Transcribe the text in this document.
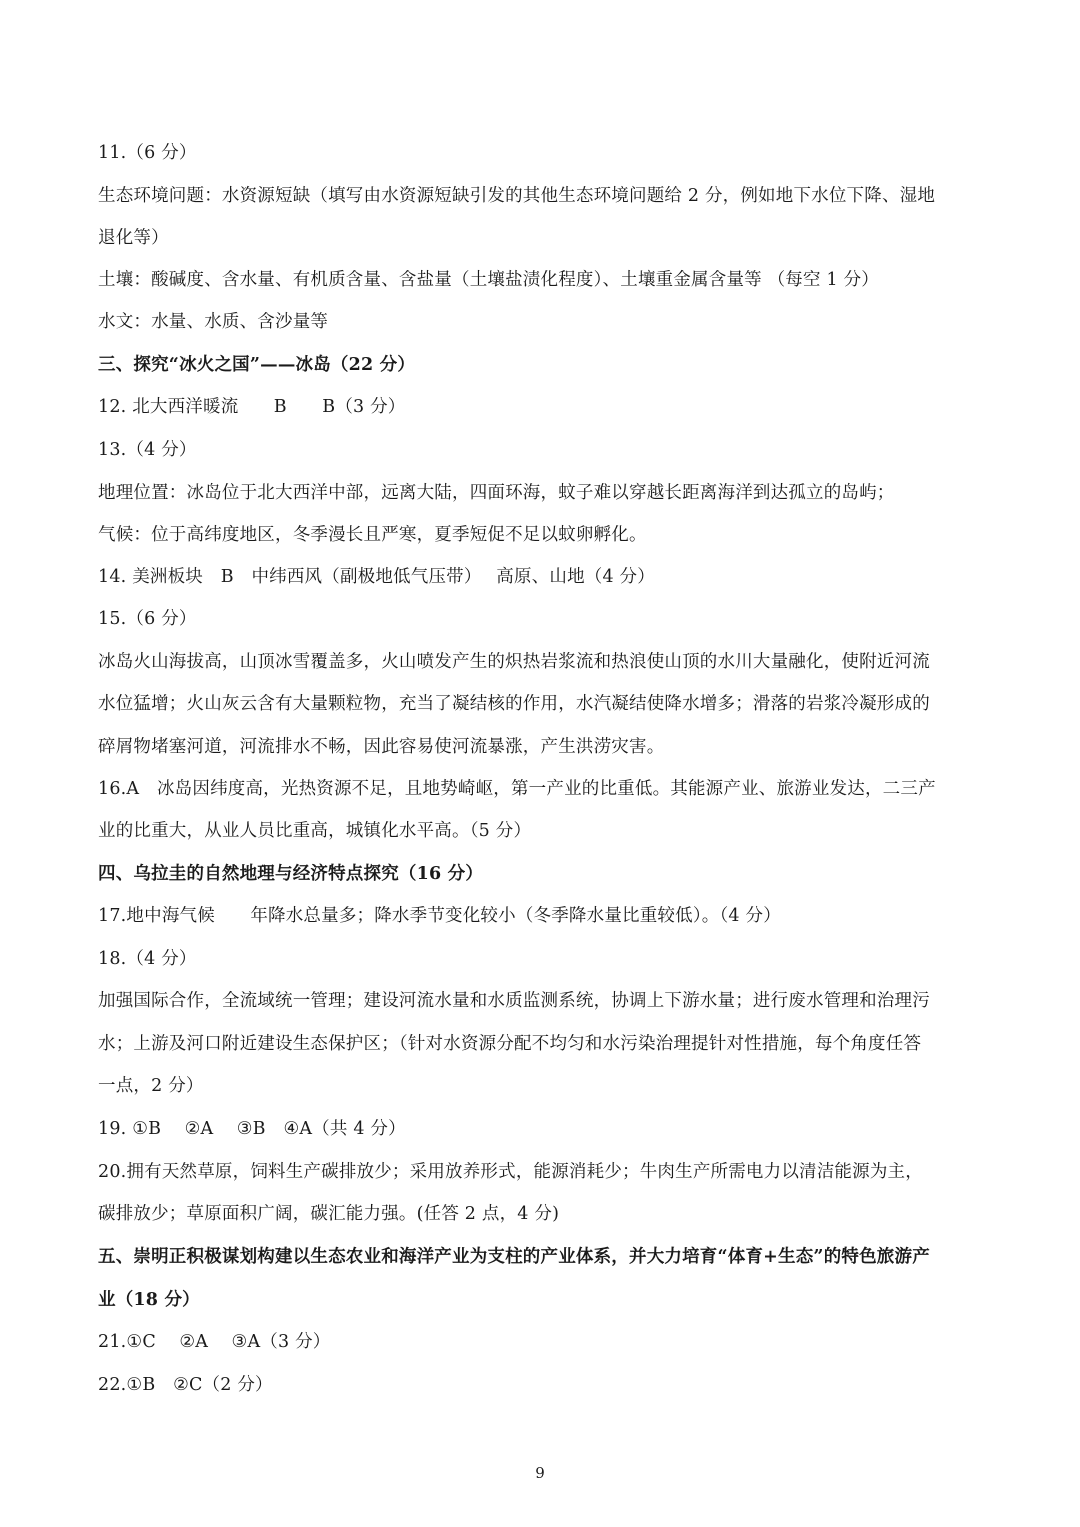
11.（6 分）
生态环境问题：水资源短缺（填写由水资源短缺引发的其他生态环境问题给 2 分，例如地下水位下降、湿地
退化等）
土壤：酸碱度、含水量、有机质含量、含盐量（土壤盐渍化程度）、土壤重金属含量等 （每空 1 分）
水文：水量、水质、含沙量等
三、探究“冰火之国”——冰岛（22 分）
12. 北大西洋暖流　　B　　B（3 分）
13.（4 分）
地理位置：冰岛位于北大西洋中部，远离大陆，四面环海，蚊子难以穿越长距离海洋到达孤立的岛屿；
气候：位于高纬度地区，冬季漫长且严寒，夏季短促不足以蚊卵孵化。
14. 美洲板块　B　中纬西风（副极地低气压带）　 高原、山地（4 分）
15.（6 分）
冰岛火山海拔高，山顶冰雪覆盖多，火山喷发产生的炽热岩浆流和热浪使山顶的水川大量融化，使附近河流
水位猛增；火山灰云含有大量颗粒物，充当了凝结核的作用，水汽凝结使降水增多；滑落的岩浆冷凝形成的
碎屑物堵塞河道，河流排水不畅，因此容易使河流暴涨，产生洪涝灾害。
16.A　冰岛因纬度高，光热资源不足，且地势崎岖，第一产业的比重低。其能源产业、旅游业发达，二三产
业的比重大，从业人员比重高，城镇化水平高。（5 分）
四、乌拉圭的自然地理与经济特点探究（16 分）
17.地中海气候　　年降水总量多；降水季节变化较小（冬季降水量比重较低）。（4 分）
18.（4 分）
加强国际合作，全流域统一管理；建设河流水量和水质监测系统，协调上下游水量；进行废水管理和治理污
水；上游及河口附近建设生态保护区；（针对水资源分配不均匀和水污染治理提针对性措施，每个角度任答
一点，2 分）
19. ①B　 ②A　 ③B　④A（共 4 分）
20.拥有天然草原，饲料生产碳排放少；采用放养形式，能源消耗少；牛肉生产所需电力以清洁能源为主，
碳排放少；草原面积广阔，碳汇能力强。(任答 2 点，4 分)
五、崇明正积极谋划构建以生态农业和海洋产业为支柱的产业体系，并大力培育“体育+生态”的特色旅游产
业（18 分）
21.①C　 ②A　 ③A（3 分）
22.①B　②C（2 分）
9
